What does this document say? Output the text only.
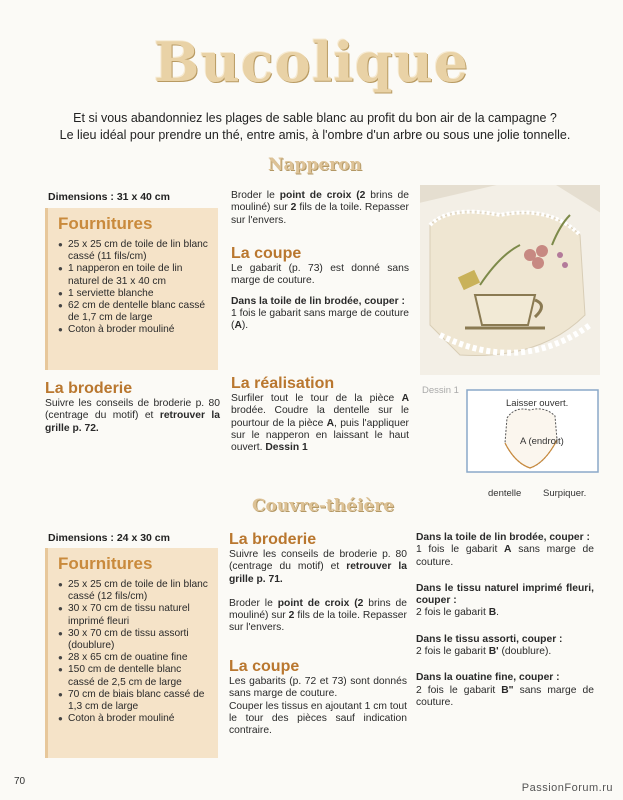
Bucolique
Et si vous abandonniez les plages de sable blanc au profit du bon air de la campagne ?
Le lieu idéal pour prendre un thé, entre amis, à l'ombre d'un arbre ou sous une jolie tonnelle.
Napperon
Dimensions : 31 x 40 cm
Fournitures
● 25 x 25 cm de toile de lin blanc cassé (11 fils/cm)
● 1 napperon en toile de lin naturel de 31 x 40 cm
● 1 serviette blanche
● 62 cm de dentelle blanc cassé de 1,7 cm de large
● Coton à broder mouliné
La broderie
Suivre les conseils de broderie p. 80 (centrage du motif) et retrouver la grille p. 72.
Broder le point de croix (2 brins de mouliné) sur 2 fils de la toile. Repasser sur l'envers.
La coupe
Le gabarit (p. 73) est donné sans marge de couture.
Dans la toile de lin brodée, couper :
1 fois le gabarit sans marge de couture (A).
La réalisation
Surfiler tout le tour de la pièce A brodée. Coudre la dentelle sur le pourtour de la pièce A, puis l'appliquer sur le napperon en laissant le haut ouvert. Dessin 1
Dessin 1
Laisser ouvert.
A (endroit)
dentelle Surpiquer.
Couvre-théière
Dimensions : 24 x 30 cm
Fournitures
● 25 x 25 cm de toile de lin blanc cassé (12 fils/cm)
● 30 x 70 cm de tissu naturel imprimé fleuri
● 30 x 70 cm de tissu assorti (doublure)
● 28 x 65 cm de ouatine fine
● 150 cm de dentelle blanc cassé de 2,5 cm de large
● 70 cm de biais blanc cassé de 1,3 cm de large
● Coton à broder mouliné
La broderie
Suivre les conseils de broderie p. 80 (centrage du motif) et retrouver la grille p. 71.
Broder le point de croix (2 brins de mouliné) sur 2 fils de la toile. Repasser sur l'envers.
La coupe
Les gabarits (p. 72 et 73) sont donnés sans marge de couture.
Couper les tissus en ajoutant 1 cm tout le tour des pièces sauf indication contraire.
Dans la toile de lin brodée, couper :
1 fois le gabarit A sans marge de couture.
Dans le tissu naturel imprimé fleuri, couper :
2 fois le gabarit B.
Dans le tissu assorti, couper :
2 fois le gabarit B' (doublure).
Dans la ouatine fine, couper :
2 fois le gabarit B" sans marge de couture.
70
PassionForum.ru
